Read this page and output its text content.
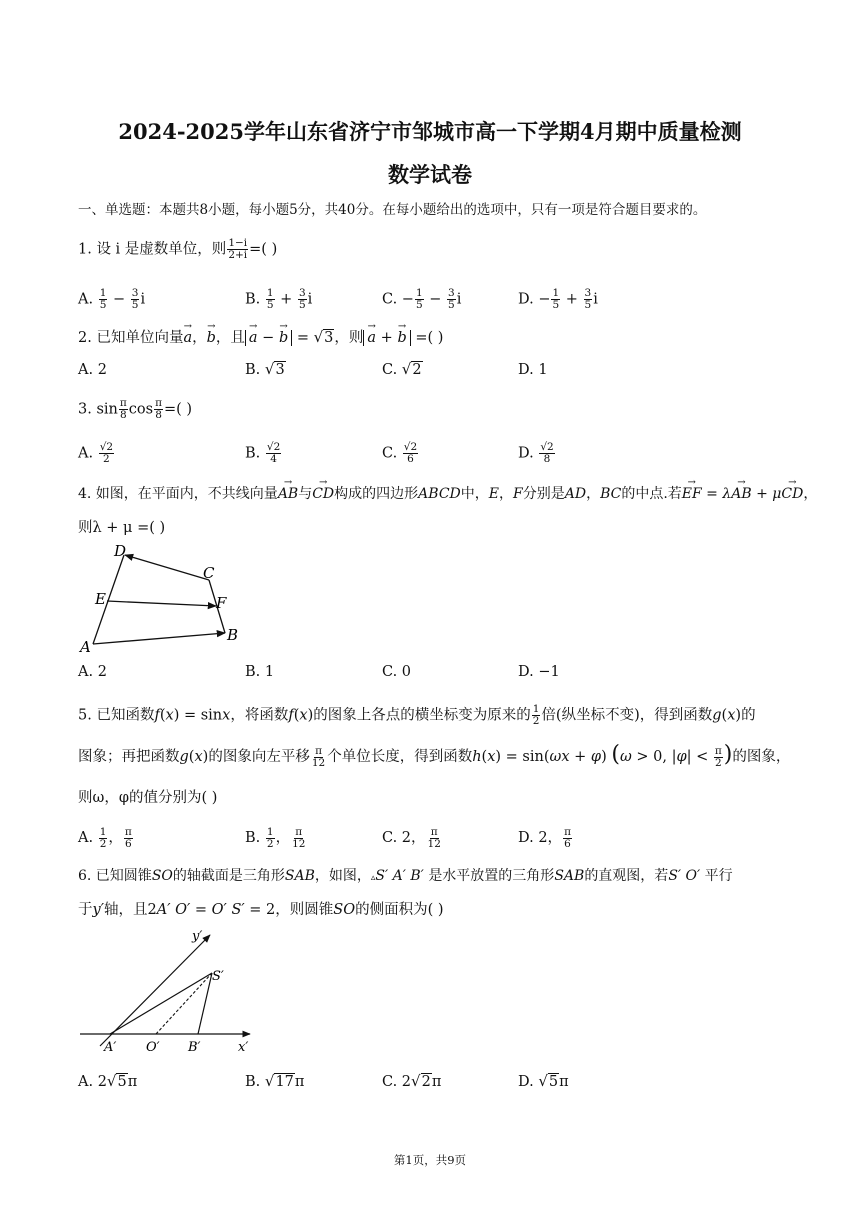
2024-2025学年山东省济宁市邹城市高一下学期4月期中质量检测
数学试卷
一、单选题：本题共8小题，每小题5分，共40分。在每小题给出的选项中，只有一项是符合题目要求的。
1. 设 i 是虚数单位，则 $\frac{1-i}{2+i}$ =( )
A. $\frac{1}{5} - \frac{3}{5}$ i	B. $\frac{1}{5} + \frac{3}{5}$ i	C. − $\frac{1}{5} - \frac{3}{5}$ i	D. − $\frac{1}{5} + \frac{3}{5}$ i
2. 已知单位向量→ a，→ b，且 → a − → b = √3，则 → a + → b =( )
A. 2	B. √3	C. √2	D. 1
3. $\sin \frac{\pi}{8}$ $\cos \frac{\pi}{8}$ =( )
A. $\frac{√2}{2}$	B. $\frac{√2}{4}$	C. $\frac{√2}{6}$	D. $\frac{√2}{8}$
4. 如图，在平面内，不共线向量→ AB与→ CD构成的四边形ABCD中，E，F分别是AD，BC的中点.若→ EF = λ→ AB + μ→ CD，
则λ + μ =( )
D
C
E	F
A
B
A. 2	B. 1	C. 0	D. −1
5. 已知函数f(x) = sinx，将函数f(x)的图象上各点的横坐标变为原来的 $\frac{1}{2}$ 倍(纵坐标不变)，得到函数g(x)的
图象；再把函数g(x)的图象向左平移 $\frac{\pi}{12}$ 个单位长度，得到函数h(x) = sin(ωx + φ) (ω > 0, $|\varphi| < \frac{\pi}{2}$ )的图象，
则ω，φ的值分别为( )
A. $\frac{1}{2}$ ， $\frac{\pi}{6}$	B. $\frac{1}{2}$ ， $\frac{\pi}{12}$	C. 2， $\frac{\pi}{12}$	D. 2， $\frac{\pi}{6}$
6. 已知圆锥SO的轴截面是三角形SAB，如图，▵S′ A′ B′ 是水平放置的三角形SAB的直观图，若S′ O′ 平行
于y′轴，且2A′ O′ = O′ S′ = 2，则圆锥SO的侧面积为( )
y′
S′
A′ O′ B′	x′
A. 2√5π	B. √17π	C. 2√2π	D. √5π
第1页，共9页
